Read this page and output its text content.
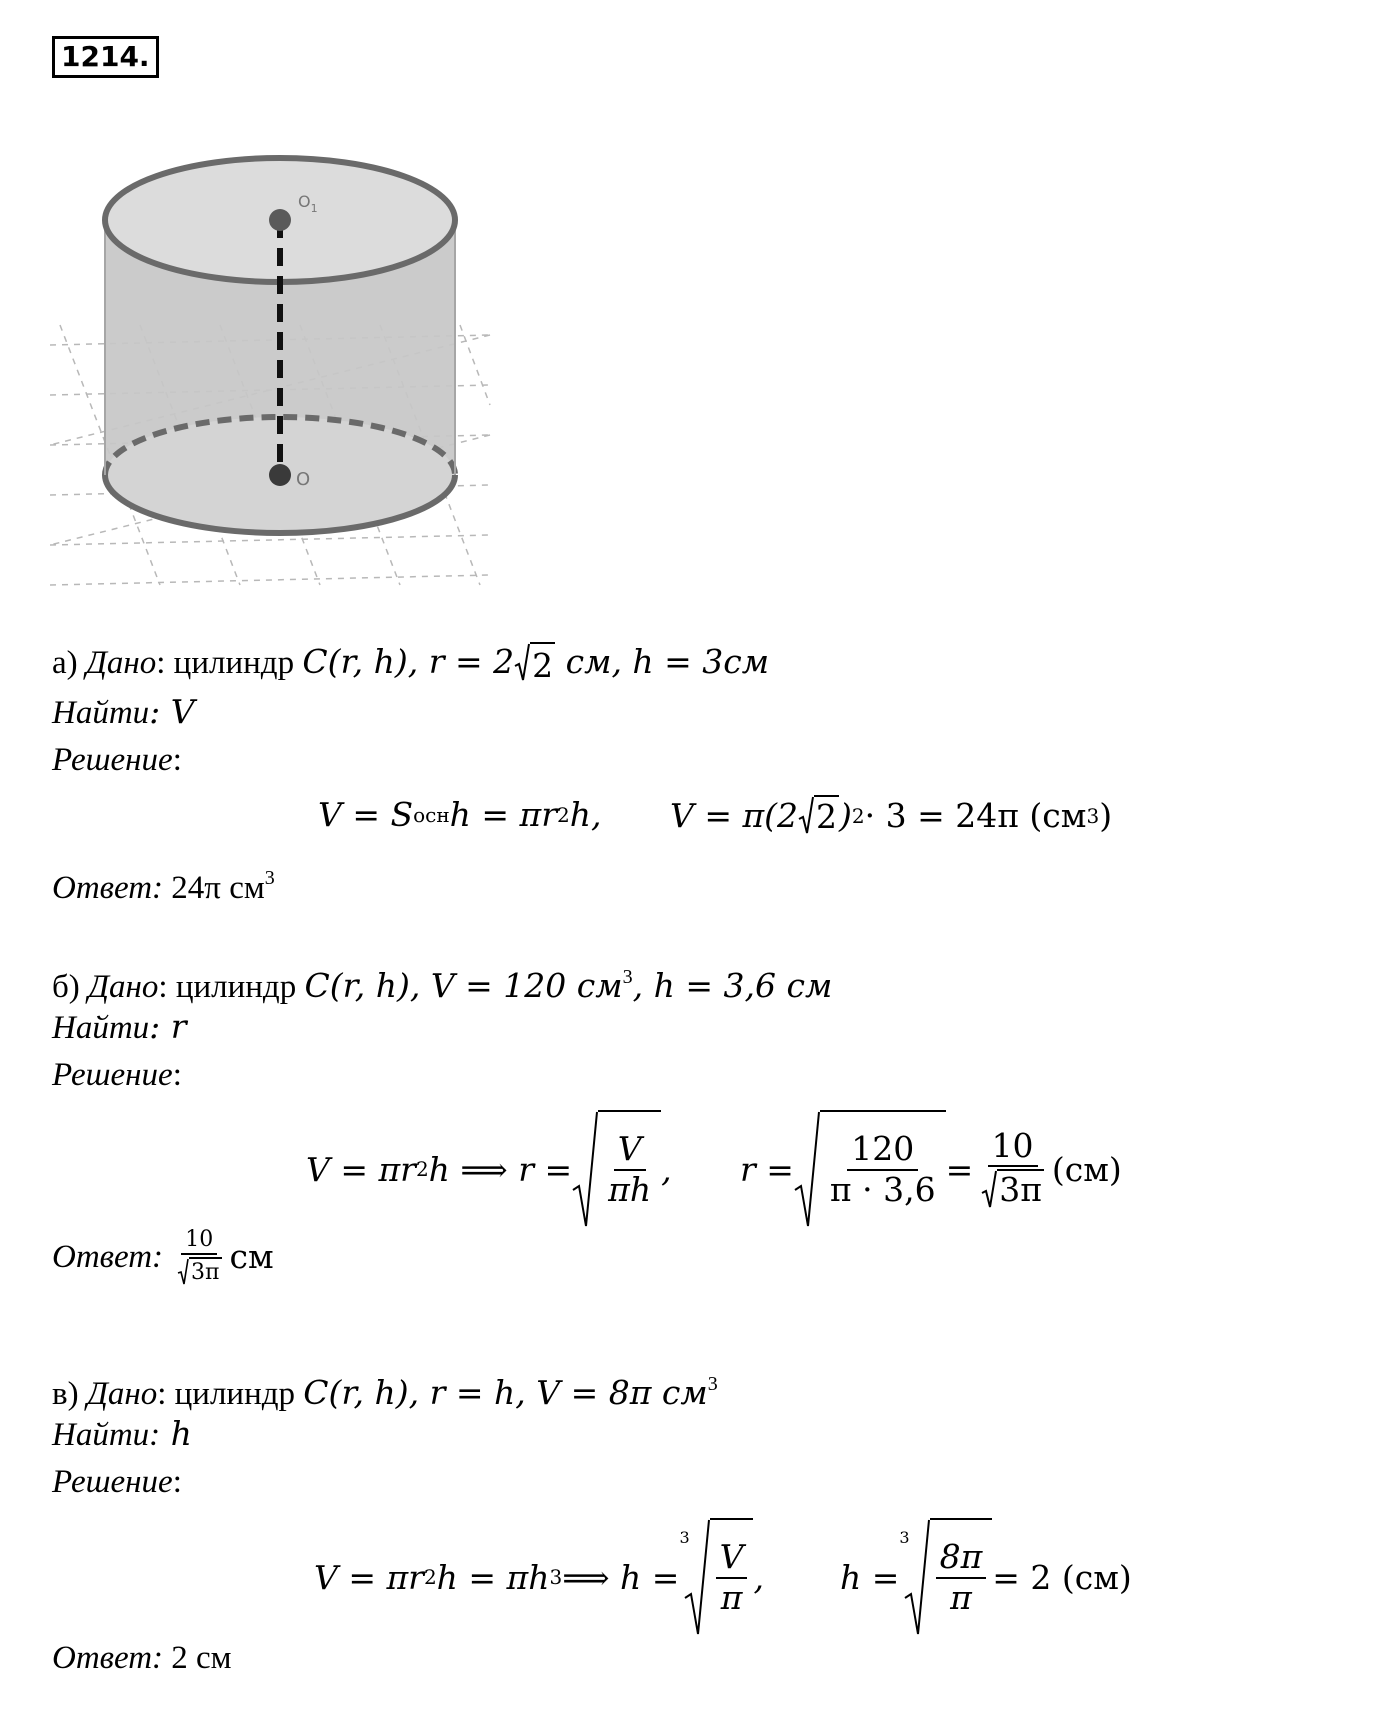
1214.
$O_1$
O
а) Дано: цилиндр C(r, h), r = 2 2 см, h = 3см
Найти: V
Решение:
V = S осн h = πr 2 h, V = π(2 2 ) 2 · 3 = 24π (см 3 )
Ответ: 24π $см^3$
б) Дано: цилиндр C(r, h), V = 120 $см^3$, h = 3,6 см
Найти: r
Решение:
V = πr 2 h ⟹ $r = \frac{V}{\pi h}$ , $r = \frac{120}{\pi \cdot 3,6} = \frac{10}{3\pi} (см)$
Ответ: $\frac{10}{3\pi}$ см
в) Дано: цилиндр C(r, h), r = h, V = 8π $см^3$
Найти: h
Решение:
V = πr 2 h = πh 3 ⟹ h =
3
$\frac{V}{\pi}$ , h =
3
$\frac{8\pi}{\pi} = 2$ (см)
Ответ: 2 см
